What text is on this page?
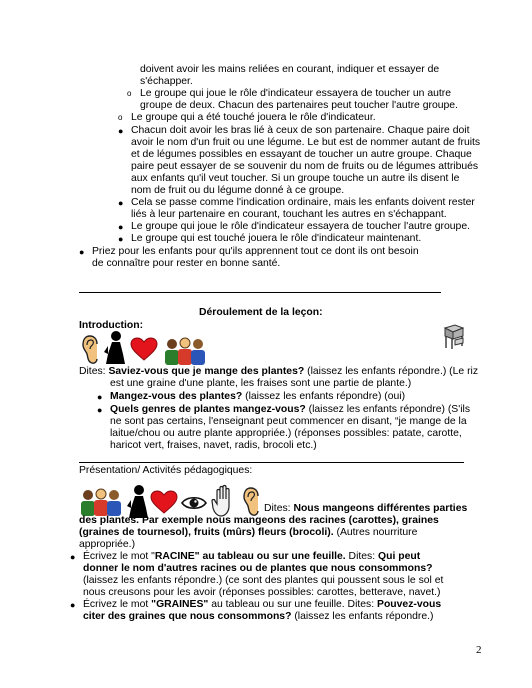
doivent avoir les mains reliées en courant, indiquer et essayer de
s'échapper.
o Le groupe qui joue le rôle d'indicateur essayera de toucher un autre
groupe de deux. Chacun des partenaires peut toucher l'autre groupe.
o Le groupe qui a été touché jouera le rôle d'indicateur.
● Chacun doit avoir les bras lié à ceux de son partenaire. Chaque paire doit
avoir le nom d'un fruit ou une légume. Le but est de nommer autant de fruits
et de légumes possibles en essayant de toucher un autre groupe. Chaque
paire peut essayer de se souvenir du nom de fruits ou de légumes attribués
aux enfants qu'il veut toucher. Si un groupe touche un autre ils disent le
nom de fruit ou du légume donné à ce groupe.
● Cela se passe comme l'indication ordinaire, mais les enfants doivent rester
liés à leur partenaire en courant, touchant les autres en s'échappant.
● Le groupe qui joue le rôle d'indicateur essayera de toucher l'autre groupe.
● Le groupe qui est touché jouera le rôle d'indicateur maintenant.
● Priez pour les enfants pour qu'ils apprennent tout ce dont ils ont besoin
de connaître pour rester en bonne santé.
Déroulement de la leçon:
Introduction:
Dites: Saviez-vous que je mange des plantes? (laissez les enfants répondre.) (Le riz
est une graine d'une plante, les fraises sont une partie de plante.)
● Mangez-vous des plantes? (laissez les enfants répondre) (oui)
● Quels genres de plantes mangez-vous? (laissez les enfants répondre) (S'ils
ne sont pas certains, l'enseignant peut commencer en disant, “je mange de la
laitue/chou ou autre plante appropriée.) (réponses possibles: patate, carotte,
haricot vert, fraises, navet, radis, brocoli etc.)
Présentation/ Activités pédagogiques:
Dites: Nous mangeons différentes parties
des plantes. Par exemple nous mangeons des racines (carottes), graines
(graines de tournesol), fruits (mûrs) fleurs (brocoli). (Autres nourriture
appropriée.)
● Écrivez le mot "RACINE" au tableau ou sur une feuille. Dites: Qui peut
donner le nom d'autres racines ou de plantes que nous consommons?
(laissez les enfants répondre.) (ce sont des plantes qui poussent sous le sol et
nous creusons pour les avoir (réponses possibles: carottes, betterave, navet.)
● Écrivez le mot "GRAINES" au tableau ou sur une feuille. Dites: Pouvez-vous
citer des graines que nous consommons? (laissez les enfants répondre.)
2
